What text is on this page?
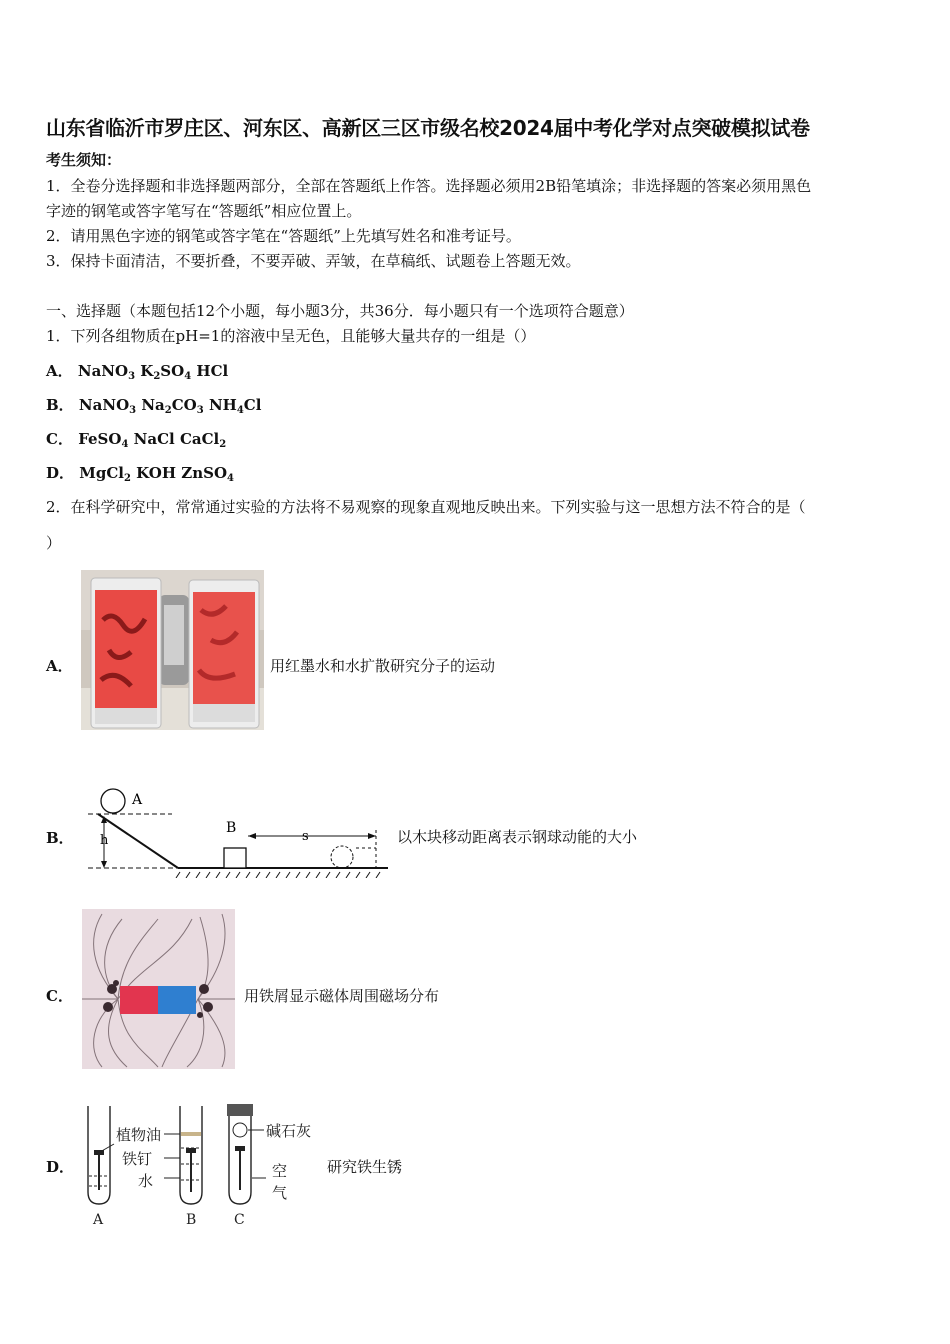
山东省临沂市罗庄区、河东区、高新区三区市级名校2024届中考化学对点突破模拟试卷
考生须知：
1．全卷分选择题和非选择题两部分，全部在答题纸上作答。选择题必须用2B铅笔填涂；非选择题的答案必须用黑色
字迹的钢笔或答字笔写在“答题纸”相应位置上。
2．请用黑色字迹的钢笔或答字笔在“答题纸”上先填写姓名和准考证号。
3．保持卡面清洁，不要折叠，不要弄破、弄皱，在草稿纸、试题卷上答题无效。
一、选择题（本题包括12个小题，每小题3分，共36分．每小题只有一个选项符合题意）
1．下列各组物质在pH=1的溶液中呈无色，且能够大量共存的一组是（）
A． NaNO$_3$ $K_2SO_4$ HCl
B． NaNO$_3$ $Na_2CO_3$ $NH_4Cl$
C． FeSO$_4$ NaCl CaCl$_2$
D． MgCl$_2$ KOH ZnSO$_4$
2．在科学研究中，常常通过实验的方法将不易观察的现象直观地反映出来。下列实验与这一思想方法不符合的是（
）
A．	用红墨水和水扩散研究分子的运动
B．
A
h
B
s	以木块移动距离表示钢球动能的大小
C．	用铁屑显示磁体周围磁场分布
D．
植物油
铁钉
水
碱石灰
空
气
A	B	C
研究铁生锈
